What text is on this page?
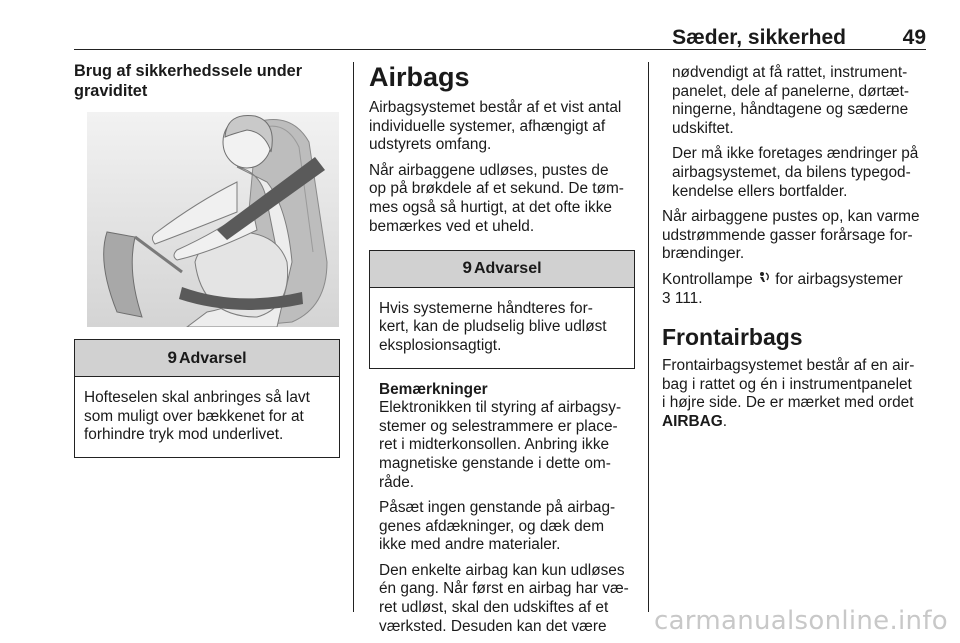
Sæder, sikkerhed	49

Brug af sikkerhedssele under
graviditet

9 Advarsel
Hofteselen skal anbringes så lavt
som muligt over bækkenet for at
forhindre tryk mod underlivet.

Airbags

Airbagsystemet består af et vist antal
individuelle systemer, afhængigt af
udstyrets omfang.

Når airbaggene udløses, pustes de
op på brøkdele af et sekund. De tøm-
mes også så hurtigt, at det ofte ikke
bemærkes ved et uheld.

9 Advarsel
Hvis systemerne håndteres for-
kert, kan de pludselig blive udløst
eksplosionsagtigt.

Bemærkninger

Elektronikken til styring af airbagsy-
stemer og selestrammere er place-
ret i midterkonsollen. Anbring ikke
magnetiske genstande i dette om-
råde.

Påsæt ingen genstande på airbag-
genes afdækninger, og dæk dem
ikke med andre materialer.

Den enkelte airbag kan kun udløses
én gang. Når først en airbag har væ-
ret udløst, skal den udskiftes af et
værksted. Desuden kan det være

nødvendigt at få rattet, instrument-
panelet, dele af panelerne, dørtæt-
ningerne, håndtagene og sæderne
udskiftet.

Der må ikke foretages ændringer på
airbagsystemet, da bilens typegod-
kendelse ellers bortfalder.

Når airbaggene pustes op, kan varme
udstrømmende gasser forårsage for-
brændinger.

Kontrollampe for airbagsystemer
3 111.

Frontairbags

Frontairbagsystemet består af en air-
bag i rattet og én i instrumentpanelet
i højre side. De er mærket med ordet
AIRBAG.

carmanualsonline.info
